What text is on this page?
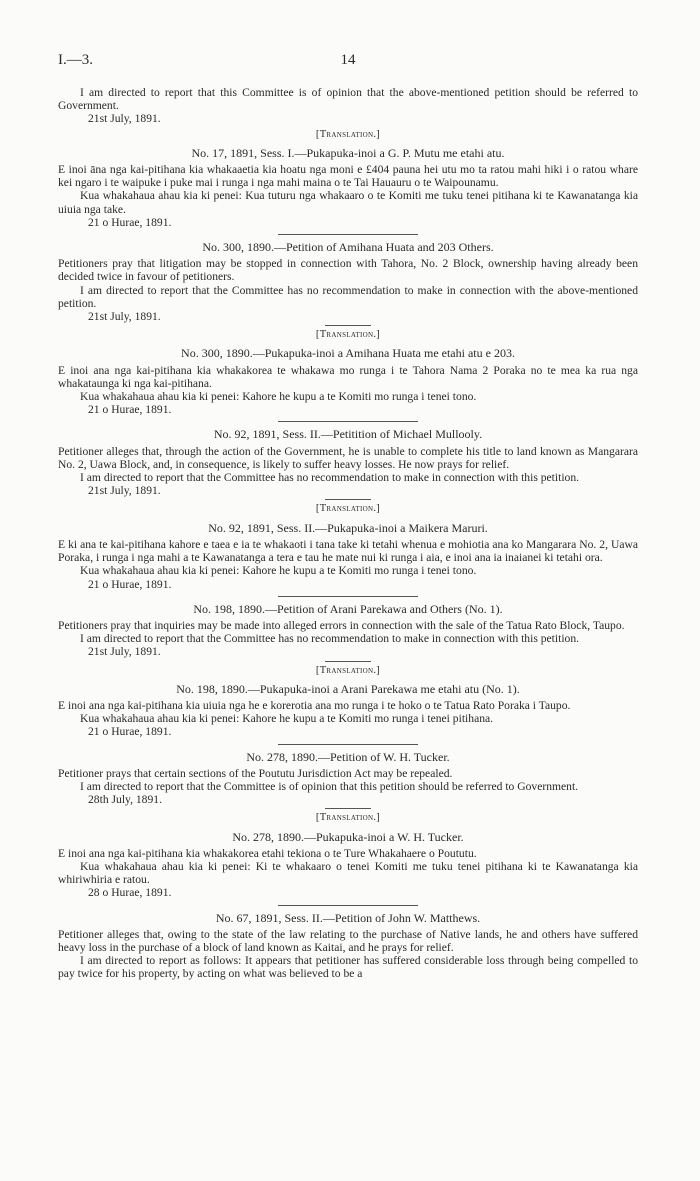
I.—3.	14

I am directed to report that this Committee is of opinion that the above-mentioned petition should be referred to Government.

21st July, 1891.

[Translation.]
No. 17, 1891, Sess. I.—Pukapuka-inoi a G. P. Mutu me etahi atu.

E inoi āna nga kai-pitihana kia whakaaetia kia hoatu nga moni e £404 pauna hei utu mo ta ratou mahi hiki i o ratou whare kei ngaro i te waipuke i puke mai i runga i nga mahi maina o te Tai Hauauru o te Waipounamu.

Kua whakahaua ahau kia ki penei: Kua tuturu nga whakaaro o te Komiti me tuku tenei pitihana ki te Kawanatanga kia uiuia nga take.

21 o Hurae, 1891.

No. 300, 1890.—Petition of Amihana Huata and 203 Others.

Petitioners pray that litigation may be stopped in connection with Tahora, No. 2 Block, ownership having already been decided twice in favour of petitioners.

I am directed to report that the Committee has no recommendation to make in connection with the above-mentioned petition.

21st July, 1891.

[Translation.]
No. 300, 1890.—Pukapuka-inoi a Amihana Huata me etahi atu e 203.

E inoi ana nga kai-pitihana kia whakakorea te whakawa mo runga i te Tahora Nama 2 Poraka no te mea ka rua nga whakataunga ki nga kai-pitihana.

Kua whakahaua ahau kia ki penei: Kahore he kupu a te Komiti mo runga i tenei tono.

21 o Hurae, 1891.

No. 92, 1891, Sess. II.—Petitition of Michael Mullooly.

Petitioner alleges that, through the action of the Government, he is unable to complete his title to land known as Mangarara No. 2, Uawa Block, and, in consequence, is likely to suffer heavy losses. He now prays for relief.

I am directed to report that the Committee has no recommendation to make in connection with this petition.

21st July, 1891.

[Translation.]
No. 92, 1891, Sess. II.—Pukapuka-inoi a Maikera Maruri.

E ki ana te kai-pitihana kahore e taea e ia te whakaoti i tana take ki tetahi whenua e mohiotia ana ko Mangarara No. 2, Uawa Poraka, i runga i nga mahi a te Kawanatanga a tera e tau he mate nui ki runga i aia, e inoi ana ia inaianei ki tetahi ora.

Kua whakahaua ahau kia ki penei: Kahore he kupu a te Komiti mo runga i tenei tono.

21 o Hurae, 1891.

No. 198, 1890.—Petition of Arani Parekawa and Others (No. 1).

Petitioners pray that inquiries may be made into alleged errors in connection with the sale of the Tatua Rato Block, Taupo.

I am directed to report that the Committee has no recommendation to make in connection with this petition.

21st July, 1891.

[Translation.]
No. 198, 1890.—Pukapuka-inoi a Arani Parekawa me etahi atu (No. 1).

E inoi ana nga kai-pitihana kia uiuia nga he e korerotia ana mo runga i te hoko o te Tatua Rato Poraka i Taupo.

Kua whakahaua ahau kia ki penei: Kahore he kupu a te Komiti mo runga i tenei pitihana.

21 o Hurae, 1891.

No. 278, 1890.—Petition of W. H. Tucker.

Petitioner prays that certain sections of the Poututu Jurisdiction Act may be repealed.

I am directed to report that the Committee is of opinion that this petition should be referred to Government.

28th July, 1891.

[Translation.]
No. 278, 1890.—Pukapuka-inoi a W. H. Tucker.

E inoi ana nga kai-pitihana kia whakakorea etahi tekiona o te Ture Whakahaere o Poututu.

Kua whakahaua ahau kia ki penei: Ki te whakaaro o tenei Komiti me tuku tenei pitihana ki te Kawanatanga kia whiriwhiria e ratou.

28 o Hurae, 1891.

No. 67, 1891, Sess. II.—Petition of John W. Matthews.

Petitioner alleges that, owing to the state of the law relating to the purchase of Native lands, he and others have suffered heavy loss in the purchase of a block of land known as Kaitai, and he prays for relief.

I am directed to report as follows: It appears that petitioner has suffered considerable loss through being compelled to pay twice for his property, by acting on what was believed to be a
